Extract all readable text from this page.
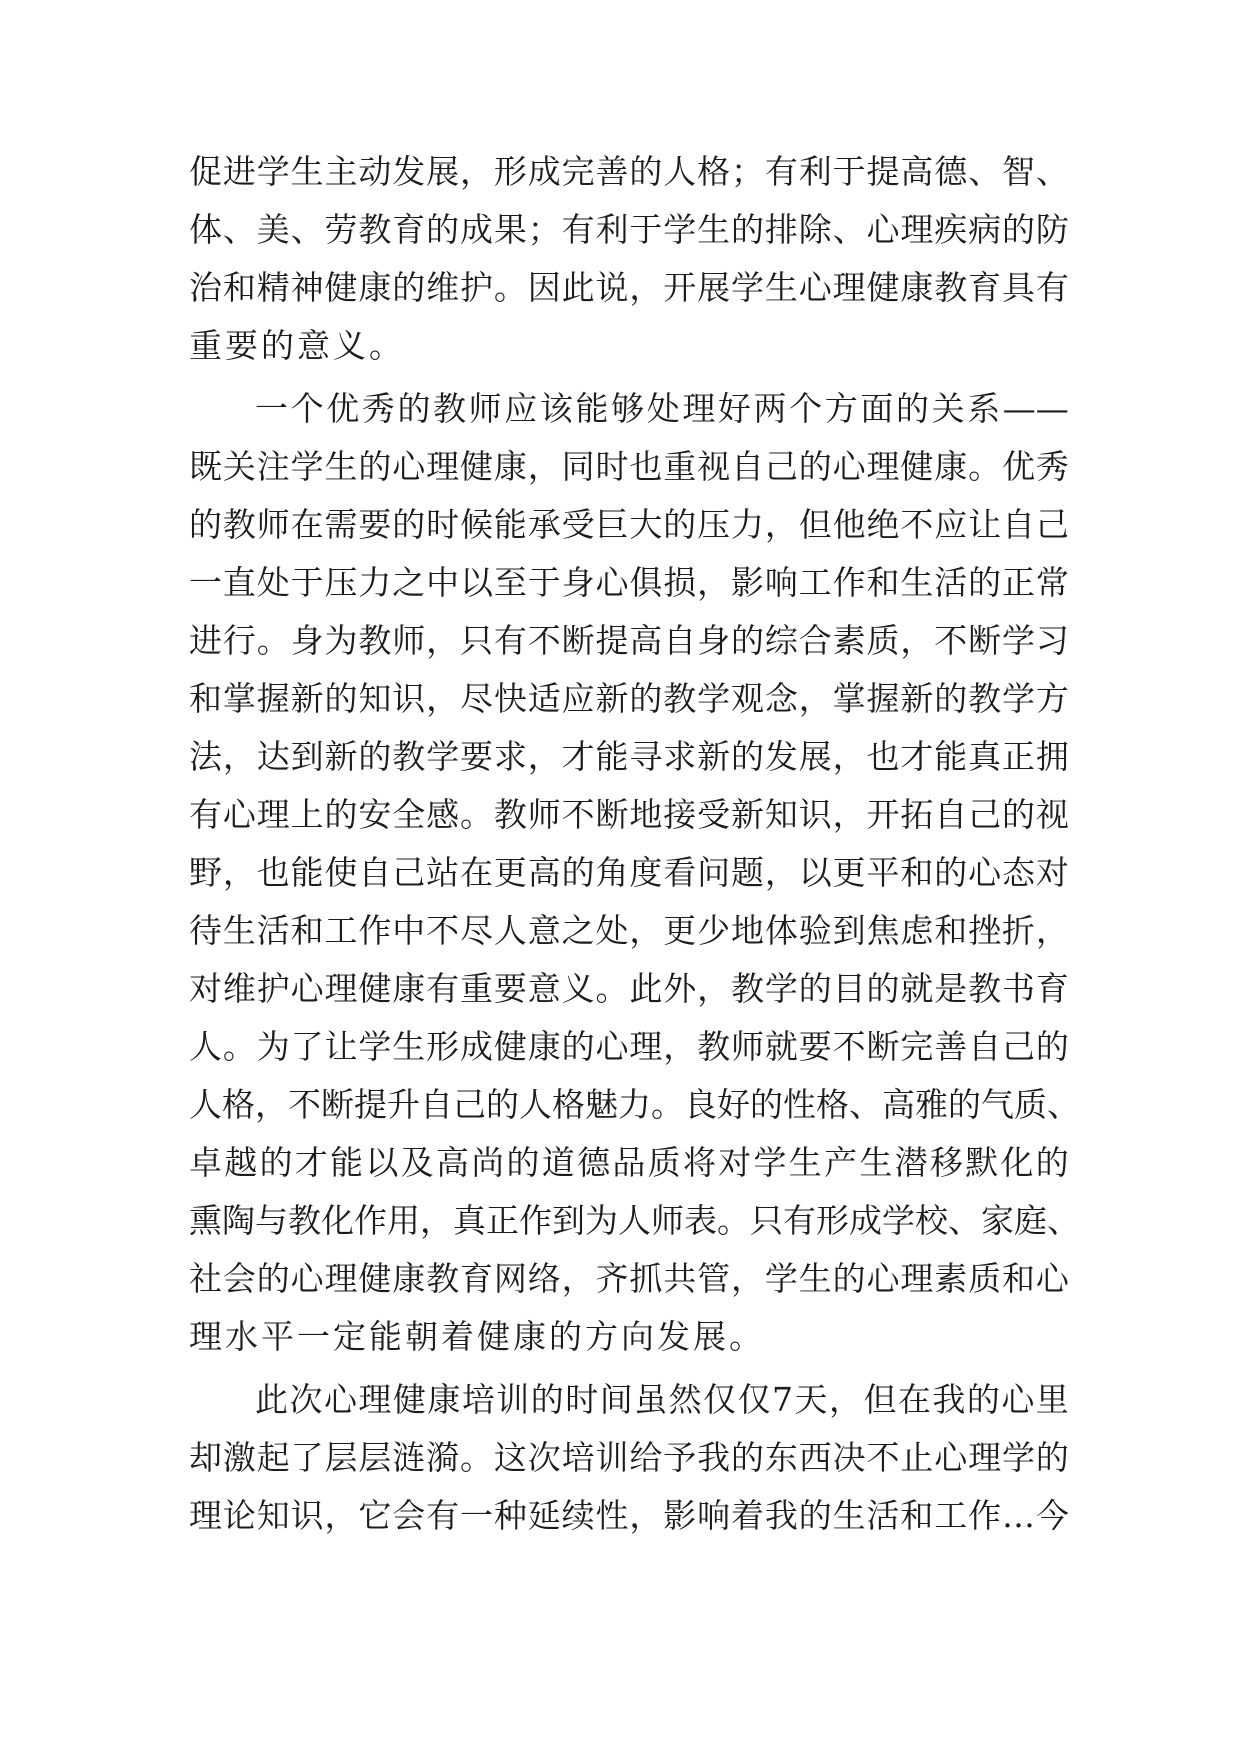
促 进 学 生 主 动 发 展 ， 形 成 完 善 的 人 格 ； 有 利 于 提 高 德 、 智 、
体 、 美 、 劳 教 育 的 成 果 ； 有 利 于 学 生 的 排 除 、 心 理 疾 病 的 防
治 和 精 神 健 康 的 维 护 。 因 此 说 ， 开 展 学 生 心 理 健 康 教 育 具 有
重要的意义。
一 个 优 秀 的 教 师 应 该 能 够 处 理 好 两 个 方 面 的 关 系 ——
既 关 注 学 生 的 心 理 健 康 ， 同 时 也 重 视 自 己 的 心 理 健 康 。 优 秀
的 教 师 在 需 要 的 时 候 能 承 受 巨 大 的 压 力 ， 但 他 绝 不 应 让 自 己
一 直 处 于 压 力 之 中 以 至 于 身 心 俱 损 ， 影 响 工 作 和 生 活 的 正 常
进 行 。 身 为 教 师 ， 只 有 不 断 提 高 自 身 的 综 合 素 质 ， 不 断 学 习
和 掌 握 新 的 知 识 ， 尽 快 适 应 新 的 教 学 观 念 ， 掌 握 新 的 教 学 方
法 ， 达 到 新 的 教 学 要 求 ， 才 能 寻 求 新 的 发 展 ， 也 才 能 真 正 拥
有 心 理 上 的 安 全 感 。 教 师 不 断 地 接 受 新 知 识 ， 开 拓 自 己 的 视
野 ， 也 能 使 自 己 站 在 更 高 的 角 度 看 问 题 ， 以 更 平 和 的 心 态 对
待 生 活 和 工 作 中 不 尽 人 意 之 处 ， 更 少 地 体 验 到 焦 虑 和 挫 折 ，
对 维 护 心 理 健 康 有 重 要 意 义 。 此 外 ， 教 学 的 目 的 就 是 教 书 育
人 。 为 了 让 学 生 形 成 健 康 的 心 理 ， 教 师 就 要 不 断 完 善 自 己 的
人 格 ， 不 断 提 升 自 己 的 人 格 魅 力 。 良 好 的 性 格 、 高 雅 的 气 质 、
卓 越 的 才 能 以 及 高 尚 的 道 德 品 质 将 对 学 生 产 生 潜 移 默 化 的
熏 陶 与 教 化 作 用 ， 真 正 作 到 为 人 师 表 。 只 有 形 成 学 校 、 家 庭 、
社 会 的 心 理 健 康 教 育 网 络 ， 齐 抓 共 管 ， 学 生 的 心 理 素 质 和 心
理水平一定能朝着健康的方向发展。
此 次 心 理 健 康 培 训 的 时 间 虽 然 仅 仅 7 天 ， 但 在 我 的 心 里
却 激 起 了 层 层 涟 漪 。 这 次 培 训 给 予 我 的 东 西 决 不 止 心 理 学 的
理 论 知 识 ， 它 会 有 一 种 延 续 性 ， 影 响 着 我 的 生 活 和 工 作 … 今
